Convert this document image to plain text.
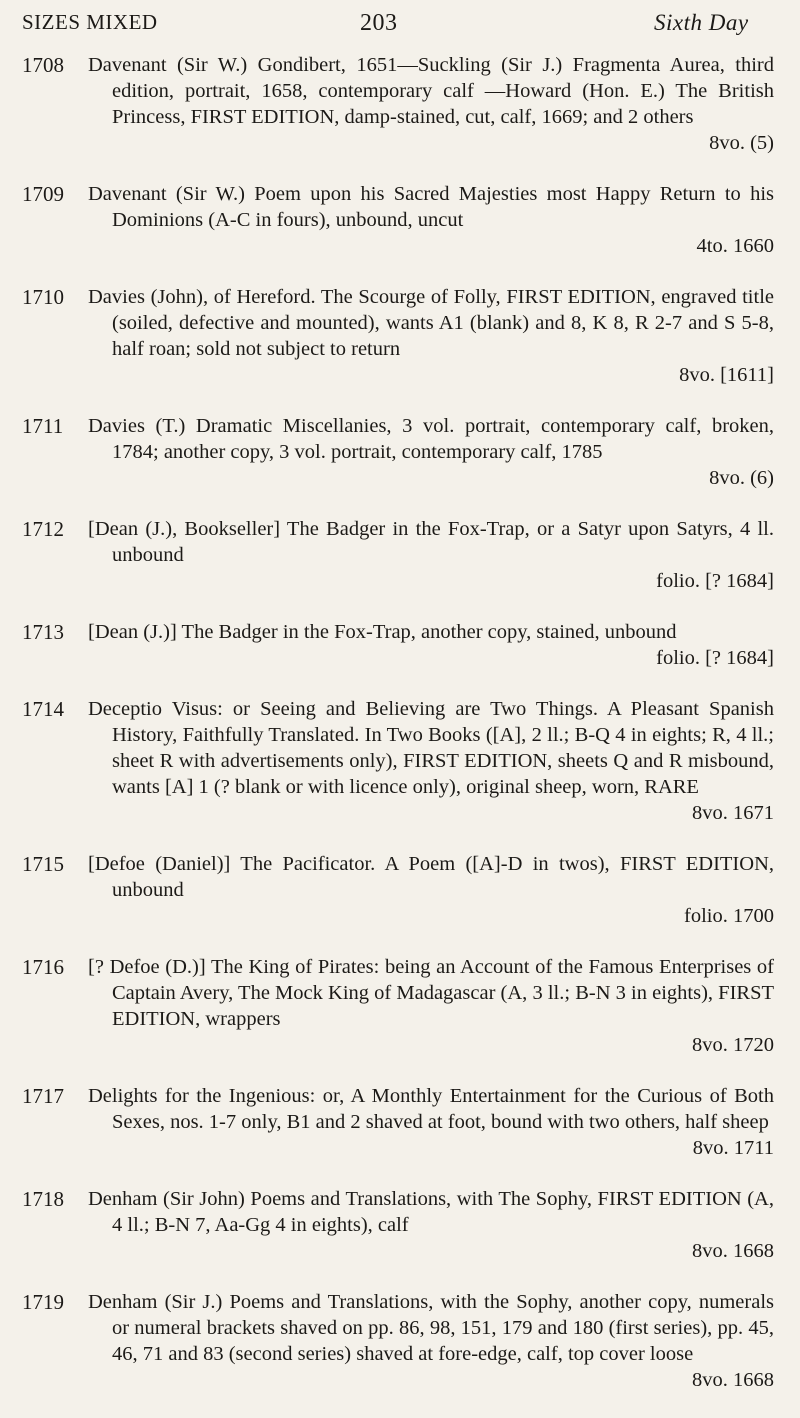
SIZES MIXED	203	Sixth Day
1708	Davenant (Sir W.) Gondibert, 1651—Suckling (Sir J.) Fragmenta Aurea, third edition, portrait, 1658, contemporary calf —Howard (Hon. E.) The British Princess, FIRST EDITION, damp-stained, cut, calf, 1669; and 2 others
8vo. (5)
1709	Davenant (Sir W.) Poem upon his Sacred Majesties most Happy Return to his Dominions (A-C in fours), unbound, uncut
4to. 1660
1710	Davies (John), of Hereford. The Scourge of Folly, FIRST EDITION, engraved title (soiled, defective and mounted), wants A1 (blank) and 8, K 8, R 2-7 and S 5-8, half roan; sold not subject to return
8vo. [1611]
1711	Davies (T.) Dramatic Miscellanies, 3 vol. portrait, contemporary calf, broken, 1784; another copy, 3 vol. portrait, contemporary calf, 1785
8vo. (6)
1712	[Dean (J.), Bookseller] The Badger in the Fox-Trap, or a Satyr upon Satyrs, 4 ll. unbound
folio. [? 1684]
1713	[Dean (J.)] The Badger in the Fox-Trap, another copy, stained, unbound
folio. [? 1684]
1714	Deceptio Visus: or Seeing and Believing are Two Things. A Pleasant Spanish History, Faithfully Translated. In Two Books ([A], 2 ll.; B-Q 4 in eights; R, 4 ll.; sheet R with advertisements only), FIRST EDITION, sheets Q and R misbound, wants [A] 1 (? blank or with licence only), original sheep, worn, RARE
8vo. 1671
1715	[Defoe (Daniel)] The Pacificator. A Poem ([A]-D in twos), FIRST EDITION, unbound
folio. 1700
1716	[? Defoe (D.)] The King of Pirates: being an Account of the Famous Enterprises of Captain Avery, The Mock King of Madagascar (A, 3 ll.; B-N 3 in eights), FIRST EDITION, wrappers
8vo. 1720
1717	Delights for the Ingenious: or, A Monthly Entertainment for the Curious of Both Sexes, nos. 1-7 only, B1 and 2 shaved at foot, bound with two others, half sheep
8vo. 1711
1718	Denham (Sir John) Poems and Translations, with The Sophy, FIRST EDITION (A, 4 ll.; B-N 7, Aa-Gg 4 in eights), calf
8vo. 1668
1719	Denham (Sir J.) Poems and Translations, with the Sophy, another copy, numerals or numeral brackets shaved on pp. 86, 98, 151, 179 and 180 (first series), pp. 45, 46, 71 and 83 (second series) shaved at fore-edge, calf, top cover loose
8vo. 1668
